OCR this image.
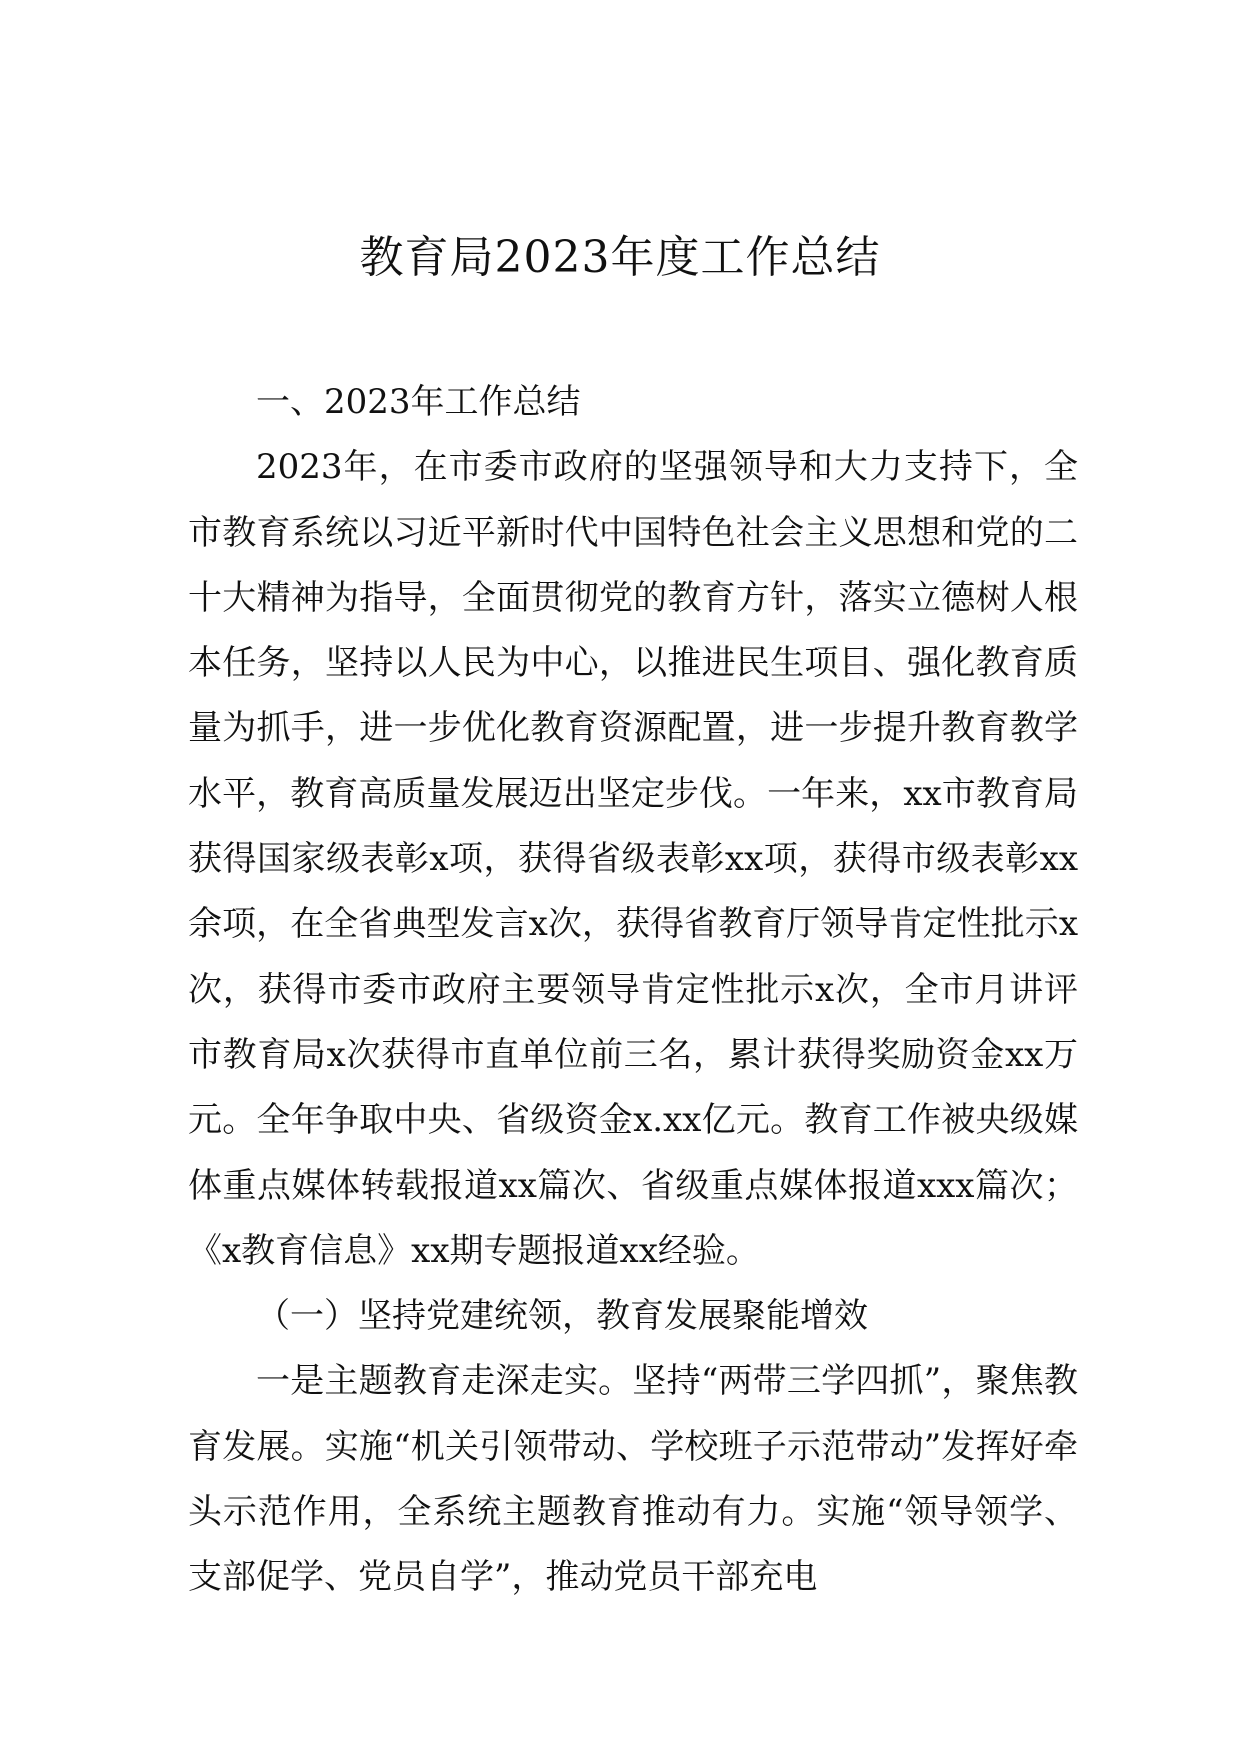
教育局2023年度工作总结

一、2023年工作总结

2023年，在市委市政府的坚强领导和大力支持下，全市教育系统以习近平新时代中国特色社会主义思想和党的二十大精神为指导，全面贯彻党的教育方针，落实立德树人根本任务，坚持以人民为中心，以推进民生项目、强化教育质量为抓手，进一步优化教育资源配置，进一步提升教育教学水平，教育高质量发展迈出坚定步伐。一年来，xx市教育局获得国家级表彰x项，获得省级表彰xx项，获得市级表彰xx余项，在全省典型发言x次，获得省教育厅领导肯定性批示x次，获得市委市政府主要领导肯定性批示x次，全市月讲评市教育局x次获得市直单位前三名，累计获得奖励资金xx万元。全年争取中央、省级资金x.xx亿元。教育工作被央级媒体重点媒体转载报道xx篇次、省级重点媒体报道xxx篇次；《x教育信息》xx期专题报道xx经验。

（一）坚持党建统领，教育发展聚能增效

一是主题教育走深走实。坚持“两带三学四抓”，聚焦教育发展。实施“机关引领带动、学校班子示范带动”发挥好牵头示范作用，全系统主题教育推动有力。实施“领导领学、支部促学、党员自学”，推动党员干部充电
